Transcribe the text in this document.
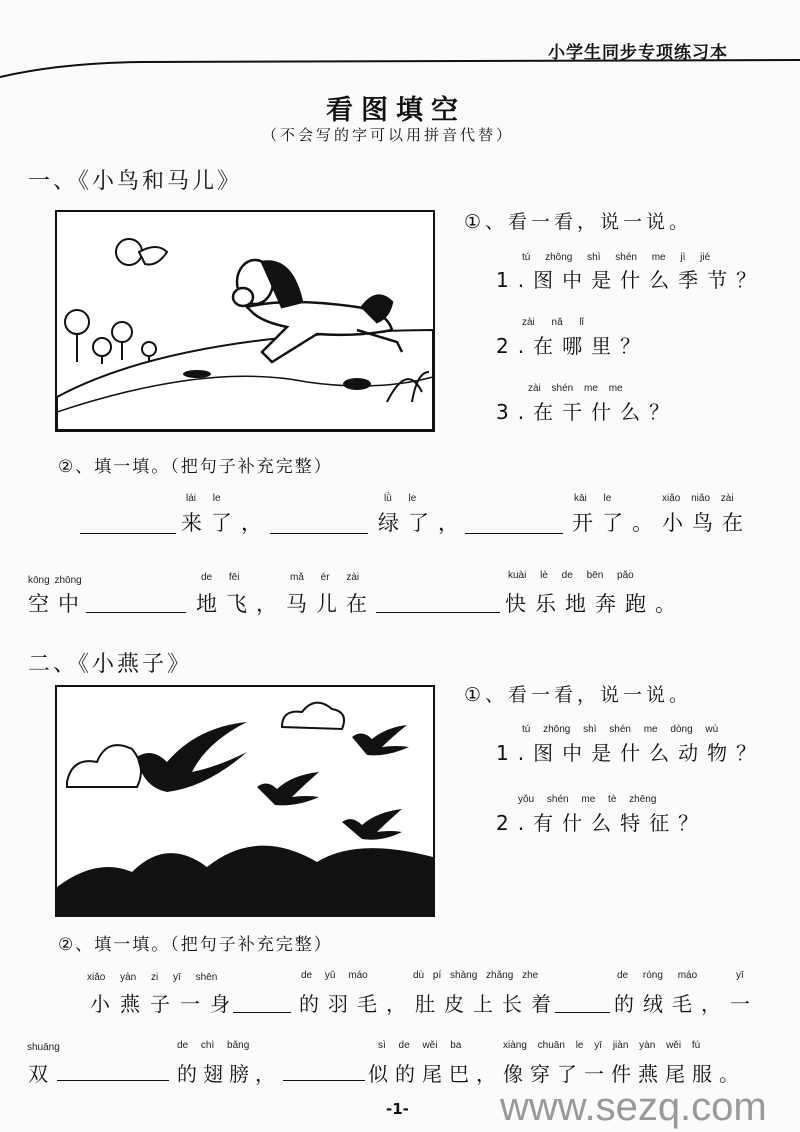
小学生同步专项练习本
看图填空
（不会写的字可以用拼音代替）
一、《小鸟和马儿》
①、看一看，说一说。
tú zhōng shì shén me jì jié
1.图中是什么季节？
zài nǎ lǐ
2.在哪里？
zài shén me me
3.在干什么？
②、填一填。（把句子补充完整）
lái le	lǜ le	kāi le	xiǎo niǎo zài
来了，	绿了，	开了。小鸟在
kōng zhōng	de fēi	mǎ ér zài	kuài lè de bēn pǎo
空中	地飞，马儿在	快乐地奔跑。
二、《小燕子》
①、看一看，说一说。
tú zhōng shì shén me dòng wù
1.图中是什么动物？
yǒu shén me tè zhēng
2.有什么特征？
②、填一填。（把句子补充完整）
xiǎo yàn zi yī shēn	de yǔ máo	dù pí shàng zhǎng zhe	de róng máo	yī
小燕子一身	的羽毛，肚皮上长着	的绒毛，一
shuāng	de chì bǎng	sì de wěi ba	xiàng chuān le yī jiàn yàn wěi fú
双	的翅膀，	似的尾巴，像穿了一件燕尾服。
www.sezq.com
-1-
